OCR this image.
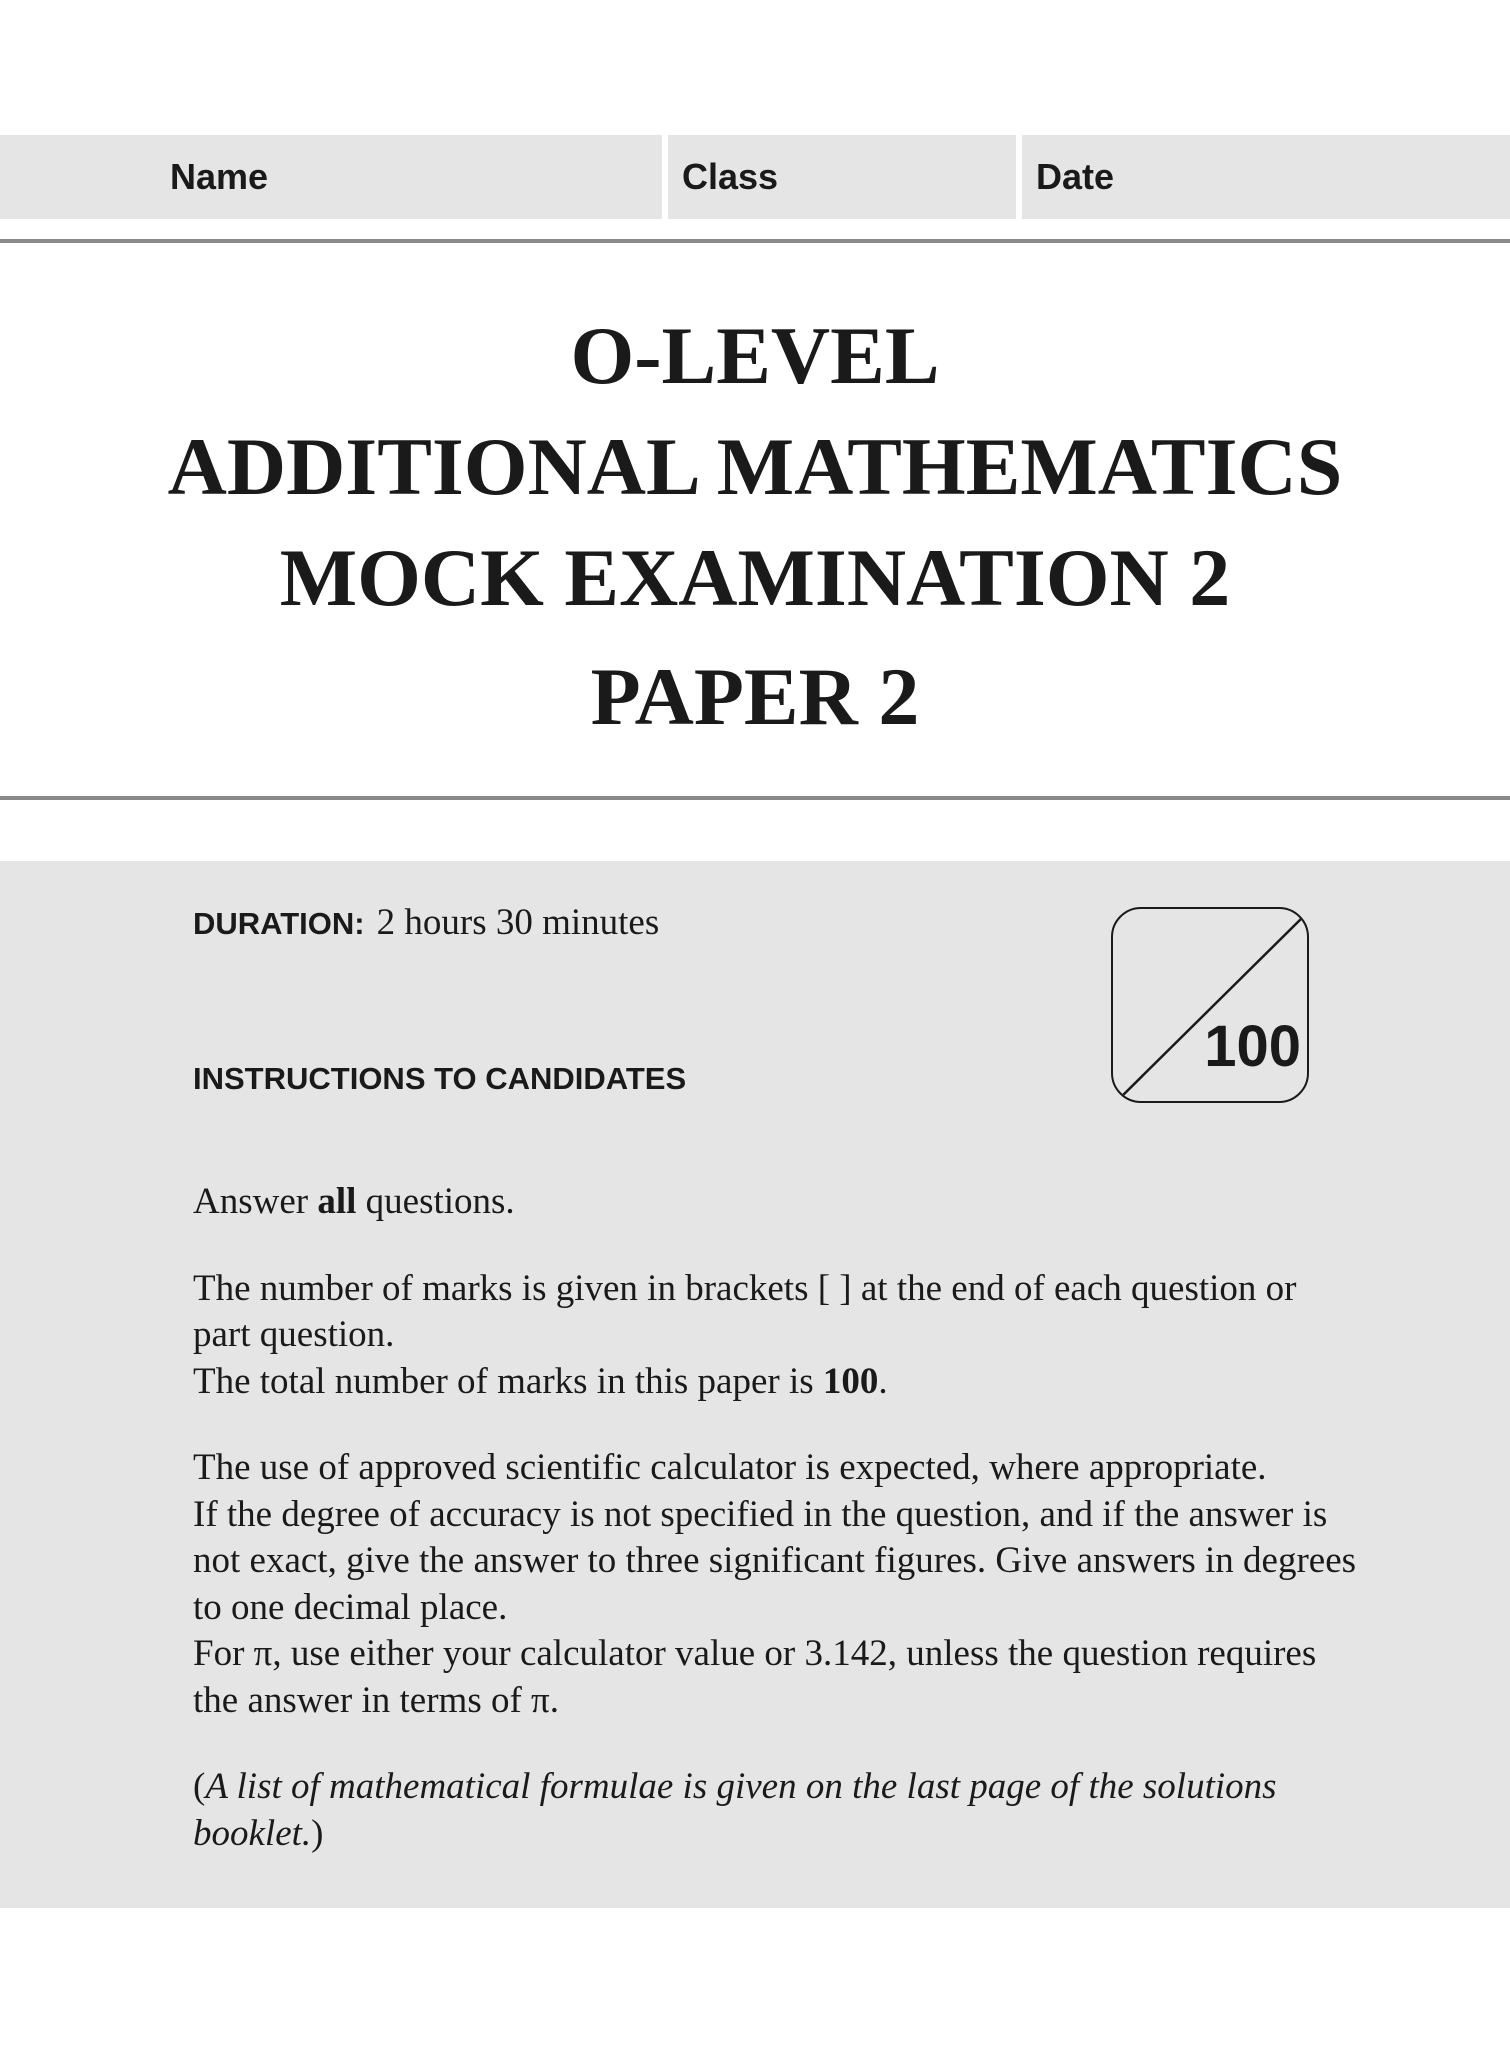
Name	Class	Date
O-LEVEL
ADDITIONAL MATHEMATICS
MOCK EXAMINATION 2
PAPER 2
DURATION: 2 hours 30 minutes
100
INSTRUCTIONS TO CANDIDATES

Answer all questions.

The number of marks is given in brackets [ ] at the end of each question or part question.

The total number of marks in this paper is 100.

The use of approved scientific calculator is expected, where appropriate.

If the degree of accuracy is not specified in the question, and if the answer is not exact, give the answer to three significant figures. Give answers in degrees to one decimal place.

For π, use either your calculator value or 3.142, unless the question requires the answer in terms of π.

(A list of mathematical formulae is given on the last page of the solutions booklet.)
